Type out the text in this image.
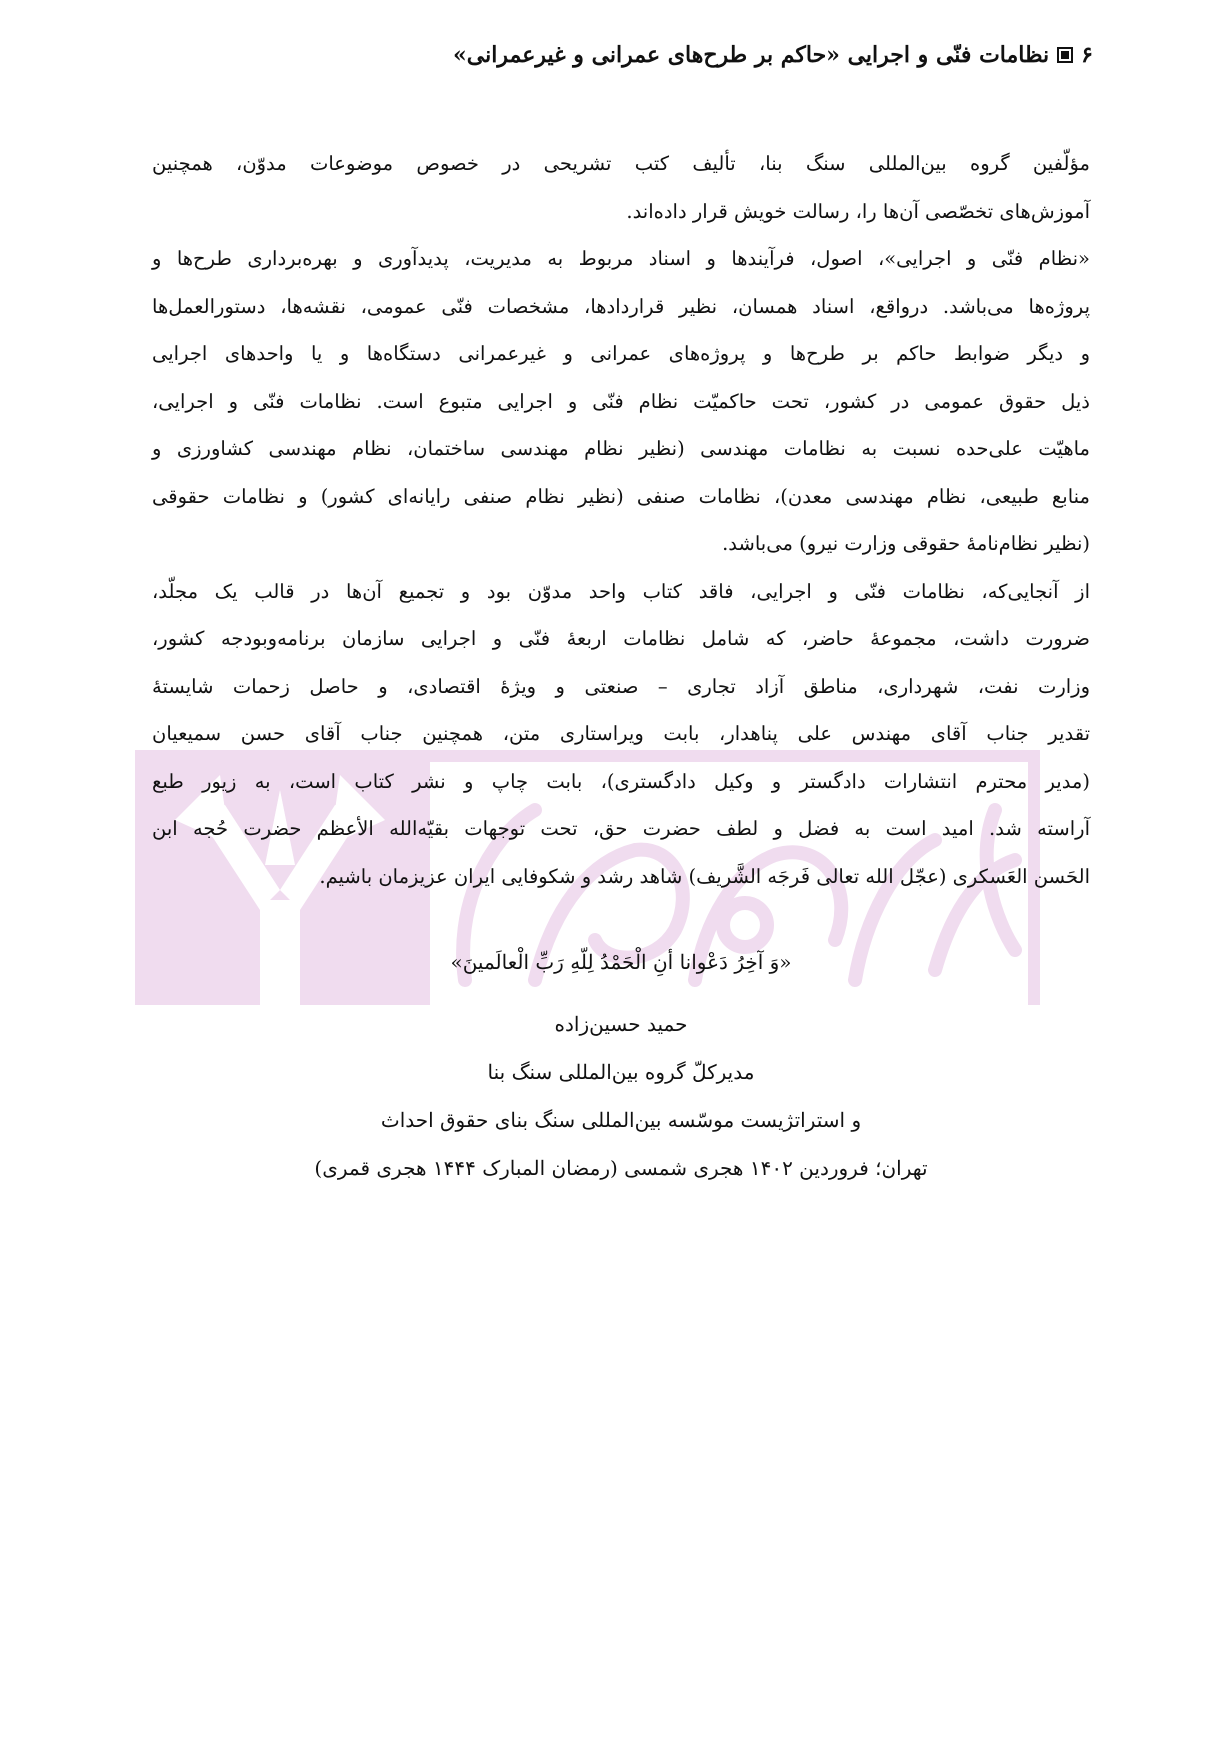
۶
نظامات فنّی و اجرایی «حاکم بر طرح‌های عمرانی و غیرعمرانی»

مؤلّفین گروه بین‌المللی سنگ بنا، تألیف کتب تشریحی در خصوص موضوعات مدوّن، همچنین
آموزش‌های تخصّصی آن‌ها را، رسالت خویش قرار داده‌اند.

«نظام فنّی و اجرایی»، اصول، فرآیندها و اسناد مربوط به مدیریت، پدیدآوری و بهره‌برداری طرح‌ها و
پروژه‌ها می‌باشد. درواقع، اسناد همسان، نظیر قراردادها، مشخصات فنّی عمومی، نقشه‌ها، دستورالعمل‌ها
و دیگر ضوابط حاکم بر طرح‌ها و پروژه‌های عمرانی و غیرعمرانی دستگاه‌ها و یا واحدهای اجرایی
ذیل حقوق عمومی در کشور، تحت حاکمیّت نظام فنّی و اجرایی متبوع است. نظامات فنّی و اجرایی،
ماهیّت علی‌حده نسبت به نظامات مهندسی (نظیر نظام مهندسی ساختمان، نظام مهندسی کشاورزی و
منابع طبیعی، نظام مهندسی معدن)، نظامات صنفی (نظیر نظام صنفی رایانه‌ای کشور) و نظامات حقوقی
(نظیر نظام‌نامهٔ حقوقی وزارت نیرو) می‌باشد.

از آنجایی‌که، نظامات فنّی و اجرایی، فاقد کتاب واحد مدوّن بود و تجمیع آن‌ها در قالب یک مجلّد،
ضرورت داشت، مجموعهٔ حاضر، که شامل نظامات اربعهٔ فنّی و اجرایی سازمان برنامه‌وبودجه کشور،
وزارت نفت، شهرداری، مناطق آزاد تجاری – صنعتی و ویژهٔ اقتصادی، و حاصل زحمات شایستهٔ
تقدیر جناب آقای مهندس علی پناهدار، بابت ویراستاری متن، همچنین جناب آقای حسن سمیعیان
(مدیر محترم انتشارات دادگستر و وکیل دادگستری)، بابت چاپ و نشر کتاب است، به زیور طبع
آراسته شد. امید است به فضل و لطف حضرت حق، تحت توجهات بقیّه‌الله الأعظم حضرت حُجه ابن
الحَسن العَسکری (عجّل الله تعالی فَرجَه الشَّریف) شاهد رشد و شکوفایی ایران عزیزمان باشیم.

«وَ آخِرُ دَعْوانا أنِ الْحَمْدُ لِلّهِ رَبِّ الْعالَمینَ»
حمید حسین‌زاده
مدیرکلّ گروه بین‌المللی سنگ بنا
و استراتژیست موسّسه بین‌المللی سنگ بنای حقوق احداث
تهران؛ فروردین ۱۴۰۲ هجری شمسی (رمضان المبارک ۱۴۴۴ هجری قمری)
